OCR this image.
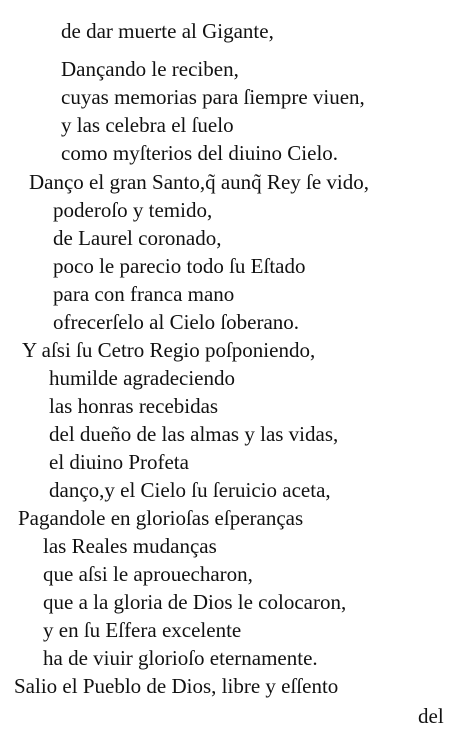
de dar muerte al Gigante,
Dançando le reciben,
cuyas memorias para ſiempre viuen,
y las celebra el ſuelo
como myſterios del diuino Cielo.
Danço el gran Santo,q̃ aunq̃ Rey ſe vido,
poderoſo y temido,
de Laurel coronado,
poco le parecio todo ſu Eſtado
para con franca mano
ofrecerſelo al Cielo ſoberano.
Y aſsi ſu Cetro Regio poſponiendo,
humilde agradeciendo
las honras recebidas
del dueño de las almas y las vidas,
el diuino Profeta
danço,y el Cielo ſu ſeruicio aceta,
Pagandole en glorioſas eſperanças
las Reales mudanças
que aſsi le aprouecharon,
que a la gloria de Dios le colocaron,
y en ſu Eſfera excelente
ha de viuir glorioſo eternamente.
Salio el Pueblo de Dios, libre y eſſento
del
